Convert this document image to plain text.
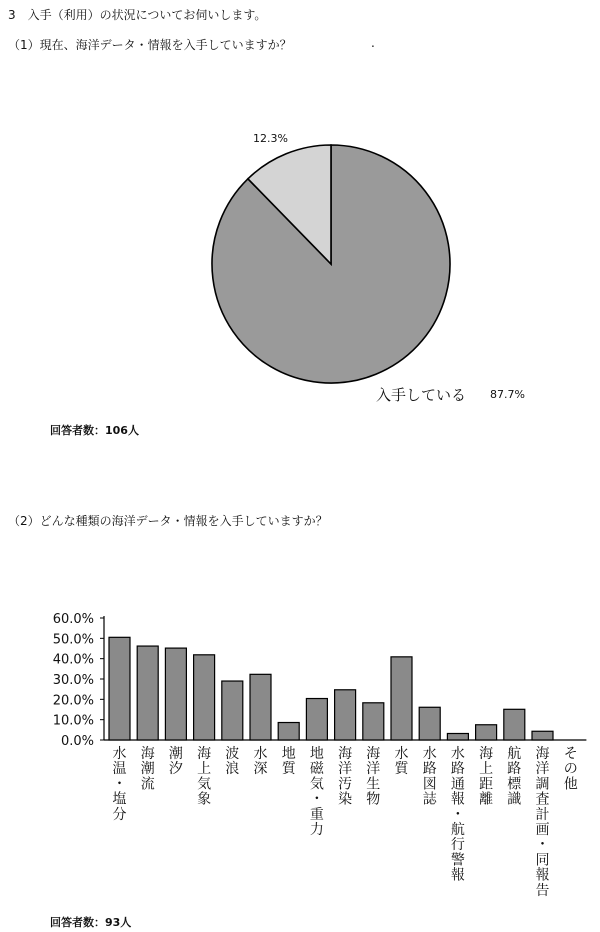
3　入手（利用）の状況についてお伺いします。
（1）現在、海洋データ・情報を入手していますか？	.
12.3%
入手している 87.7%
回答者数：106人
（2）どんな種類の海洋データ・情報を入手していますか？
60.0%
50.0%
40.0%
30.0%
20.0%
10.0%
0.0%
水温・塩分
海潮流
潮汐
海上気象
波浪
水深
地質
地磁気・重力
海洋汚染
海洋生物
水質
水路図誌
水路通報・航行警報
海上距離
航路標識
海洋調査計画・同報告
その他
回答者数：93人
